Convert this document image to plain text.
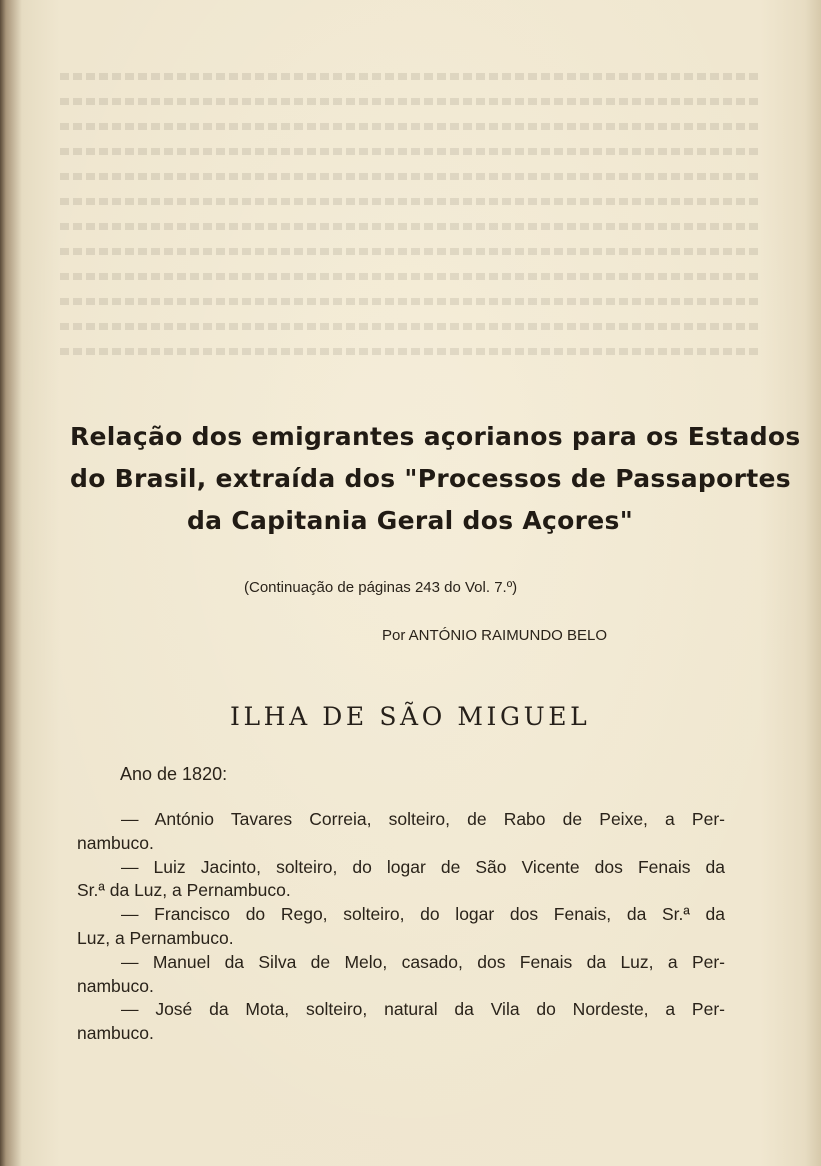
Relação dos emigrantes açorianos para os Estados
do Brasil, extraída dos "Processos de Passaportes
da Capitania Geral dos Açores"
(Continuação de páginas 243 do Vol. 7.º)
Por ANTÓNIO RAIMUNDO BELO
ILHA DE SÃO MIGUEL
Ano de 1820:

— António Tavares Correia, solteiro, de Rabo de Peixe, a Per-
nambuco.

— Luiz Jacinto, solteiro, do logar de São Vicente dos Fenais da
Sr.ª da Luz, a Pernambuco.

— Francisco do Rego, solteiro, do logar dos Fenais, da Sr.ª da
Luz, a Pernambuco.

— Manuel da Silva de Melo, casado, dos Fenais da Luz, a Per-
nambuco.

— José da Mota, solteiro, natural da Vila do Nordeste, a Per-
nambuco.
